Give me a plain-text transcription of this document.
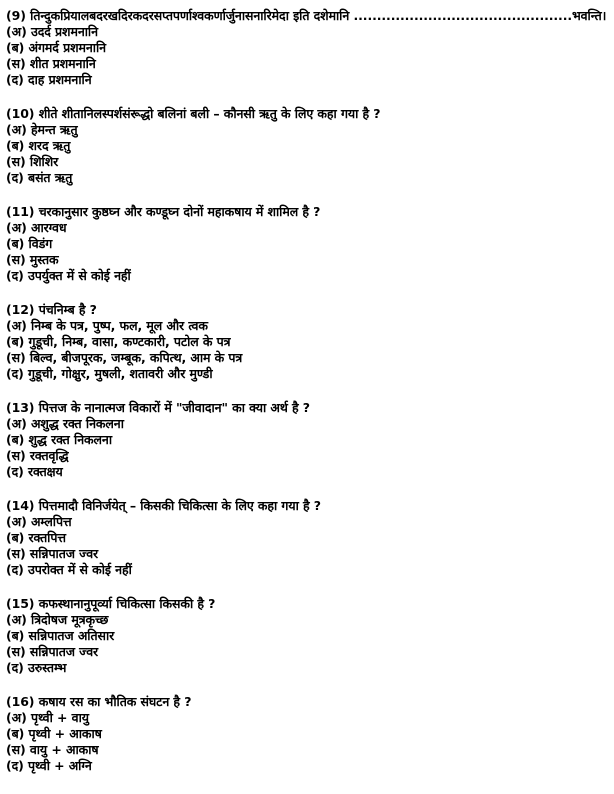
(9) तिन्दुकप्रियालबदरखदिरकदरसप्तपर्णाश्वकर्णार्जुनासनारिमेदा इति दशेमानि ...............................................भवन्ति।
(अ) उदर्द प्रशमनानि
(ब) अंगमर्द प्रशमनानि
(स) शीत प्रशमनानि
(द) दाह प्रशमनानि
(10) शीते शीतानिलस्पर्शसंरूद्धो बलिनां बली – कौनसी ऋतु के लिए कहा गया है ?
(अ) हेमन्त ऋतु
(ब) शरद ऋतु
(स) शिशिर
(द) बसंत ऋतु
(11) चरकानुसार कुष्ठघ्न और कण्डूघ्न दोनों महाकषाय में शामिल है ?
(अ) आरग्वध
(ब) विडंग
(स) मुस्तक
(द) उपर्युक्त में से कोई नहीं
(12) पंचनिम्ब है ?
(अ) निम्ब के पत्र, पुष्प, फल, मूल और त्वक
(ब) गुडूची, निम्ब, वासा, कण्टकारी, पटोल के पत्र
(स) बिल्व, बीजपूरक, जम्बूक, कपित्थ, आम के पत्र
(द) गुडूची, गोक्षुर, मुषली, शतावरी और मुण्डी
(13) पित्तज के नानात्मज विकारों में "जीवादान" का क्या अर्थ है ?
(अ) अशुद्ध रक्त निकलना
(ब) शुद्ध रक्त निकलना
(स) रक्तवृद्धि
(द) रक्तक्षय
(14) पित्तमादौ विनिर्जयेत् – किसकी चिकित्सा के लिए कहा गया है ?
(अ) अम्लपित्त
(ब) रक्तपित्त
(स) सन्निपातज ज्वर
(द) उपरोक्त में से कोई नहीं
(15) कफस्थानानुपूर्व्या चिकित्सा किसकी है ?
(अ) त्रिदोषज मूत्रकृच्छ
(ब) सन्निपातज अतिसार
(स) सन्निपातज ज्वर
(द) उरुस्तम्भ
(16) कषाय रस का भौतिक संघटन है ?
(अ) पृथ्वी + वायु
(ब) पृथ्वी + आकाष
(स) वायु + आकाष
(द) पृथ्वी + अग्नि
